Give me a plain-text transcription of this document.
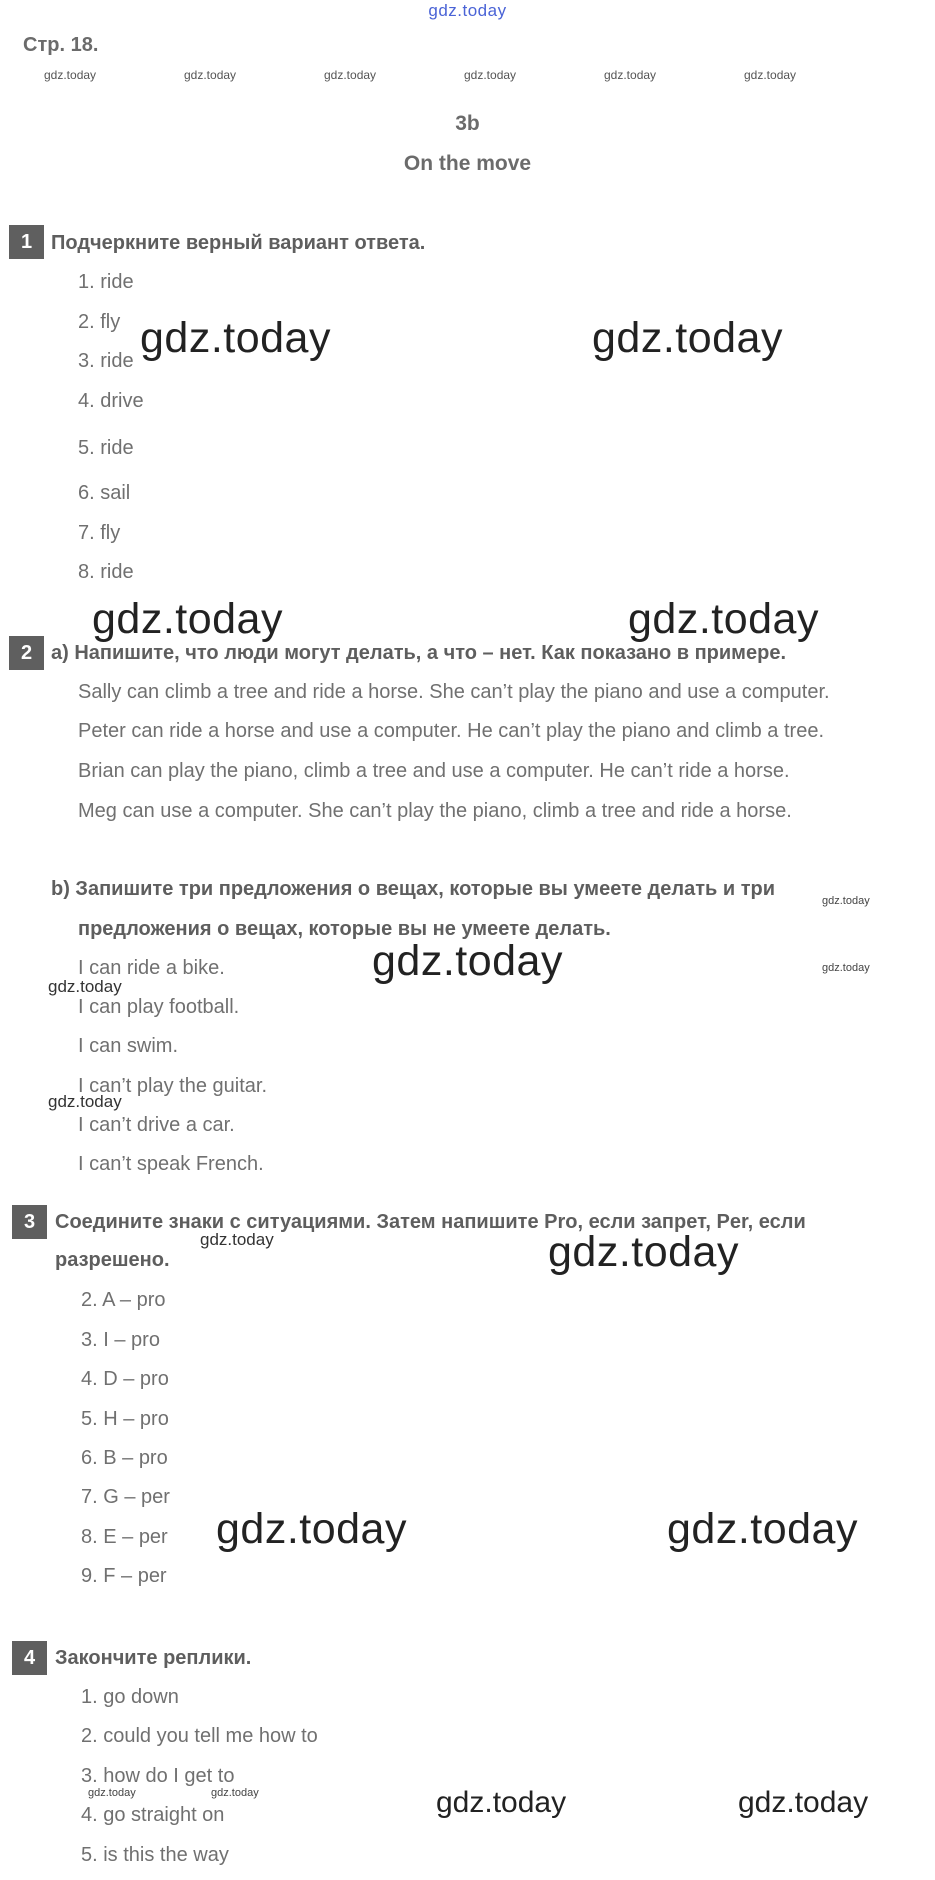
gdz.today
Стр. 18.
gdz.today	gdz.today	gdz.today	gdz.today	gdz.today	gdz.today
3b
On the move
1 Подчеркните верный вариант ответа.
1. ride
2. fly
3. ride
4. drive
5. ride
6. sail
7. fly
8. ride
gdz.today	gdz.today
gdz.today	gdz.today
2 а) Напишите, что люди могут делать, а что – нет. Как показано в примере.
Sally can climb a tree and ride a horse. She can’t play the piano and use a computer.
Peter can ride a horse and use a computer. He can’t play the piano and climb a tree.
Brian can play the piano, climb a tree and use a computer. He can’t ride a horse.
Meg can use a computer. She can’t play the piano, climb a tree and ride a horse.
b) Запишите три предложения о вещах, которые вы умеете делать и три
предложения о вещах, которые вы не умеете делать.
gdz.today
gdz.today
I can ride a bike.
I can play football.
I can swim.
I can’t play the guitar.
I can’t drive a car.
I can’t speak French.
gdz.today
gdz.today
gdz.today
3 Соедините знаки с ситуациями. Затем напишите Pro, если запрет, Per, если
разрешено.
gdz.today	gdz.today
2. A – pro
3. I – pro
4. D – pro
5. H – pro
6. B – pro
7. G – per
8. E – per
9. F – per
gdz.today	gdz.today
4 Закончите реплики.
1. go down
2. could you tell me how to
3. how do I get to
4. go straight on
5. is this the way
gdz.today	gdz.today	gdz.today	gdz.today
